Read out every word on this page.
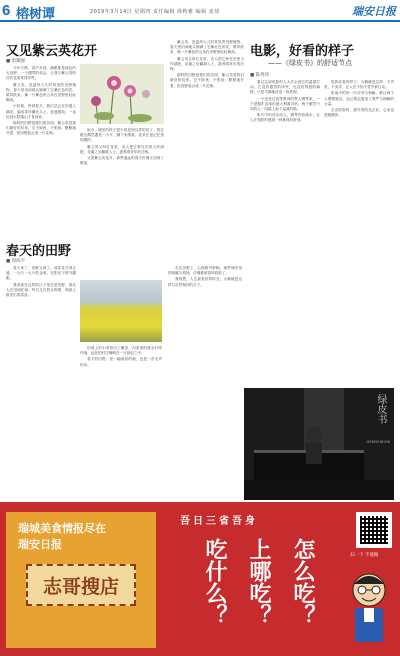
6 榕树谭	2019年3月14日 星期四 责任编辑 徐秋雅 编辑 姜琦	瑞安日报
又见紫云英花开
■ 余耀强

今年天晴，春节未到，满眼都是绿色的大田野。一个偶然的机会，让我与紫云英的初次见面来得早些。

紫云英，是温州人儿时常见的田野植物，春天里田间地头铺满了它紫红色的花，微风吹来，像一片紫色的云朵在田野里轻轻飘荡。

小时候，每到春天，我们总会在田埂上摘花，编成花环戴在头上，追逐嬉戏，一直玩到太阳落山才肯回家。

那时的田野是我们的乐园，紫云英是我们最好的玩伴。它不娇贵，不张扬，默默地开着，把田野装点成一片花海。

如今，城里的孩子很少再见到这样的花了。我在路边偶然遇见一小片，蹲下来细看，花朵还是记忆里的模样。

紫云英又叫红花草，农人把它种在田里当作绿肥，花谢之后翻耕入土，滋养着来年的庄稼。

又见紫云英花开，那些遥远的春天仿佛又回到了眼前。

电影，好看的样子
——《绿皮书》的舒适节点
■ 陈秀珍

看过这部电影的人大多会被它的温情打动。它没有激烈的冲突，也没有刻意的煽情，只是平静地讲述一段旅程。

一个是受过高等教育的黑人钢琴家，一个是粗犷直率的意大利裔司机，两个截然不同的人一同踏上南下巡演的路。

影片中的音乐动人，钢琴声如流水，让人在观影时感到一种难得的舒适。

电影好看的样子，大概就是这样：不声张，不卖弄，让人在不知不觉中被打动。

旅途中的每一次冲突与和解，都让两个人慢慢靠近，也让观众看见了尊严与理解的分量。

走出影院时，窗外的阳光正好，心里也是暖暖的。

绿皮书
GREEN BOOK

紫云英，是温州人儿时常见的田野植物，春天里田间地头铺满了它紫红色的花，微风吹来，像一片紫色的云朵在田野里轻轻飘荡。

紫云英又叫红花草，农人把它种在田里当作绿肥，花谢之后翻耕入土，滋养着来年的庄稼。

那时的田野是我们的乐园，紫云英是我们最好的玩伴。它不娇贵，不张扬，默默地开着，把田野装点成一片花海。

春天的田野
■ 周海平

春天来了，田野又绿了。油菜花开得正盛，一大片一大片的金黄，在阳光下格外耀眼。

我喜欢在这样的日子里走进田野，看农人在田间忙碌，听鸟儿在枝头鸣唱，闻泥土散发出的清香。

田埂上的小草冒出了嫩芽，沟渠里的流水叮咚作响，远处的村庄掩映在一片绿色之中。

春天的田野，是一幅流动的画，也是一首无声的诗。

走在田野上，心情格外舒畅。那些城市里的喧嚣与烦恼，仿佛都被春风吹散了。

我常想，人生最美好的时光，大概就是这样与自然相伴的日子。

瑞城美食情报尽在
瑞安日报
志哥搜店
吾日三省吾身
吃什么？ 上哪吃？ 怎么吃？	扫一下 不迷路
